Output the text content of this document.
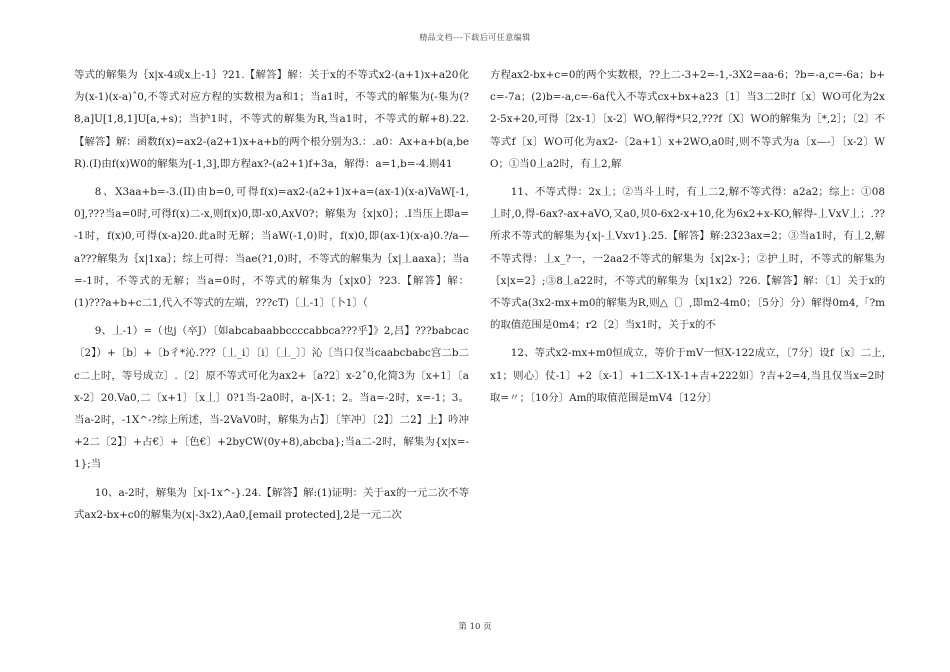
精品文档---下载后可任意编辑

等式的解集为｛x|x-4或x上-1｝?21.【解答】解：关于x的不等式x2-(a+1)x+a20化为(x-1)(x-a)ˆ0,不等式对应方程的实数根为a和1；当a1时，不等式的解集为(-集为(?8,a]U[1,8,1]U[a,+s)；当护1时，不等式的解集为R,当a1时，不等式的解+8).22.【解答】解：函数f(x)=ax2-(a2+1)x+a+b的两个根分别为3.：.a0：Ax+a+b(a,beR).(I)由f(x)W0的解集为[-1,3],即方程ax?-(a2+1)f+3a，解得：a=1,b=-4.则41

8、X3aa+b=-3.(II)由b=0,可得f(x)=ax2-(a2+1)x+a=(ax-1)(x-a)VaW[-1,0],???当a=0时,可得f(x)二-x,则f(x)0,即-x0,AxV0?；解集为｛x|x0｝；.I当压上即a=-1时，f(x)0,可得(x-a)20.此a时无解；当aW(-1,0)时，f(x)0,即(ax-1)(x-a)0.?/a—a???解集为｛x|1xa｝；综上可得：当ae(?1,0)时，不等式的解集为｛x|丄aaxa｝；当a=-1时，不等式的无解；当a=0时，不等式的解集为｛x|x0｝?23.【解答】解：(1)???a+b+c二1,代入不等式的左端，???cT)〔丄-1〕〔卜1〕（

9、丄-1）=（也j（卒J）〔如abcabaabbccccabbca???乎】》2,吕】???babcac〔2】）+〔b〕+〔b彳*沁.???〔丄_i〕〔i〕〔丄_〕〕沁〔当口仅当caabcbabc宫二b二c二上时，等号成立〕.〔2〕原不等式可化为ax2+〔a?2〕x-2ˆ0,化简3为〔x+1〕〔ax-2〕20.Va0,二〔x+1〕〔x丄〕0?1当-2a0时，a-|X-1；2。当a=-2时，x=-1；3。当a-2时，-1X^-?综上所述，当-2VaV0时，解集为占】〕〔竿冲〕〔2】〕二2】上】吟冲+2二〔2】〕+占€〕+〔色€〕+2byCW(0y+8),abcba};当a二-2时，解集为{x|x=-1};当

10、a-2时，解集为［x|-1x^-}.24.【解答】解:(1)证明：关于ax的一元二次不等式ax2-bx+c0的解集为(x|-3x2),Aa0,[email protected],2是一元二次

方程ax2-bx+c=0的两个实数根，??上二-3+2=-1,-3X2=aa-6；?b=-a,c=-6a；b+c=-7a；(2)b=-a,c=-6a代入不等式cx+bx+a23〔1〕当3二2时f〔x〕WO可化为2x2-5x+20,可得〔2x-1〕〔x-2〕WO,解得*只2,???f〔X〕WO的解集为［*,2］；〔2〕不等式f〔x〕WO可化为ax2-〔2a+1〕x+2WO,a0时,则不等式为a〔x—-〕〔x-2〕WO；①当0丄a2时，有丄2,解

11、不等式得：2x丄；②当斗丄时，有丄二2,解不等式得：a2a2；综上：①08丄时,0,得-6ax?-ax+aVO,又a0,贝0-6x2-x+10,化为6x2+x-KO,解得-丄VxV丄；.??所求不等式的解集为{x|-丄Vxv1}.25.【解答】解:2323ax=2；③当a1时，有丄2,解不等式得：丄x_?一，一2aa2不等式的解集为｛x|2x-｝；②护丄时，不等式的解集为｛x|x=2｝;③8丄a22时，不等式的解集为｛x|1x2｝?26.【解答】解：〔1〕关于x的不等式a(3x2-mx+m0的解集为R,则△〔〕,即m2-4m0；〔5分〕分）解得0m4,「?m的取值范围是0m4；r2〔2〕当x1时，关于x的不

12、等式x2-mx+m0恒成立，等价于mV一恒X-122成立，〔7分〕设f〔x〕二上,x1；则心〕仗-1〕+2〔x-1〕+1二X-1X-1+吉+222如〕?吉+2=4,当且仅当x=2时取=〃；〔10分〕Am的取值范围是mV4〔12分〕

第 10 页
